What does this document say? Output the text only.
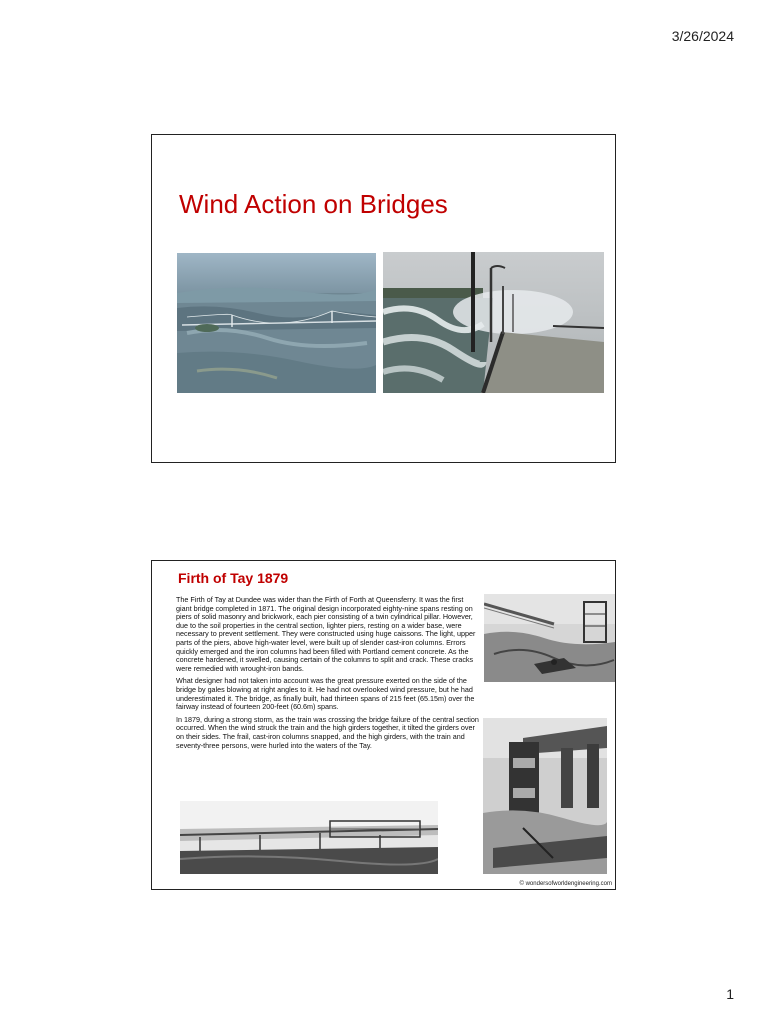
3/26/2024
Wind Action on Bridges
Firth of Tay 1879

The Firth of Tay at Dundee was wider than the Firth of Forth at Queensferry. It was the first giant bridge completed in 1871. The original design incorporated eighty-nine spans resting on piers of solid masonry and brickwork, each pier consisting of a twin cylindrical pillar. However, due to the soil properties in the central section, lighter piers, resting on a wider base, were necessary to prevent settlement. They were constructed using huge caissons. The light, upper parts of the piers, above high-water level, were built up of slender cast-iron columns. Errors quickly emerged and the iron columns had been filled with Portland cement concrete. As the concrete hardened, it swelled, causing certain of the columns to split and crack. These cracks were remedied with wrought-iron bands.

What designer had not taken into account was the great pressure exerted on the side of the bridge by gales blowing at right angles to it. He had not overlooked wind pressure, but he had underestimated it. The bridge, as finally built, had thirteen spans of 215 feet (65.15m) over the fairway instead of fourteen 200-feet (60.6m) spans.

In 1879, during a strong storm, as the train was crossing the bridge failure of the central section occurred. When the wind struck the train and the high girders together, it tilted the girders over on their sides. The frail, cast-iron columns snapped, and the high girders, with the train and seventy-three persons, were hurled into the waters of the Tay.

© wondersofworldengineering.com
1
